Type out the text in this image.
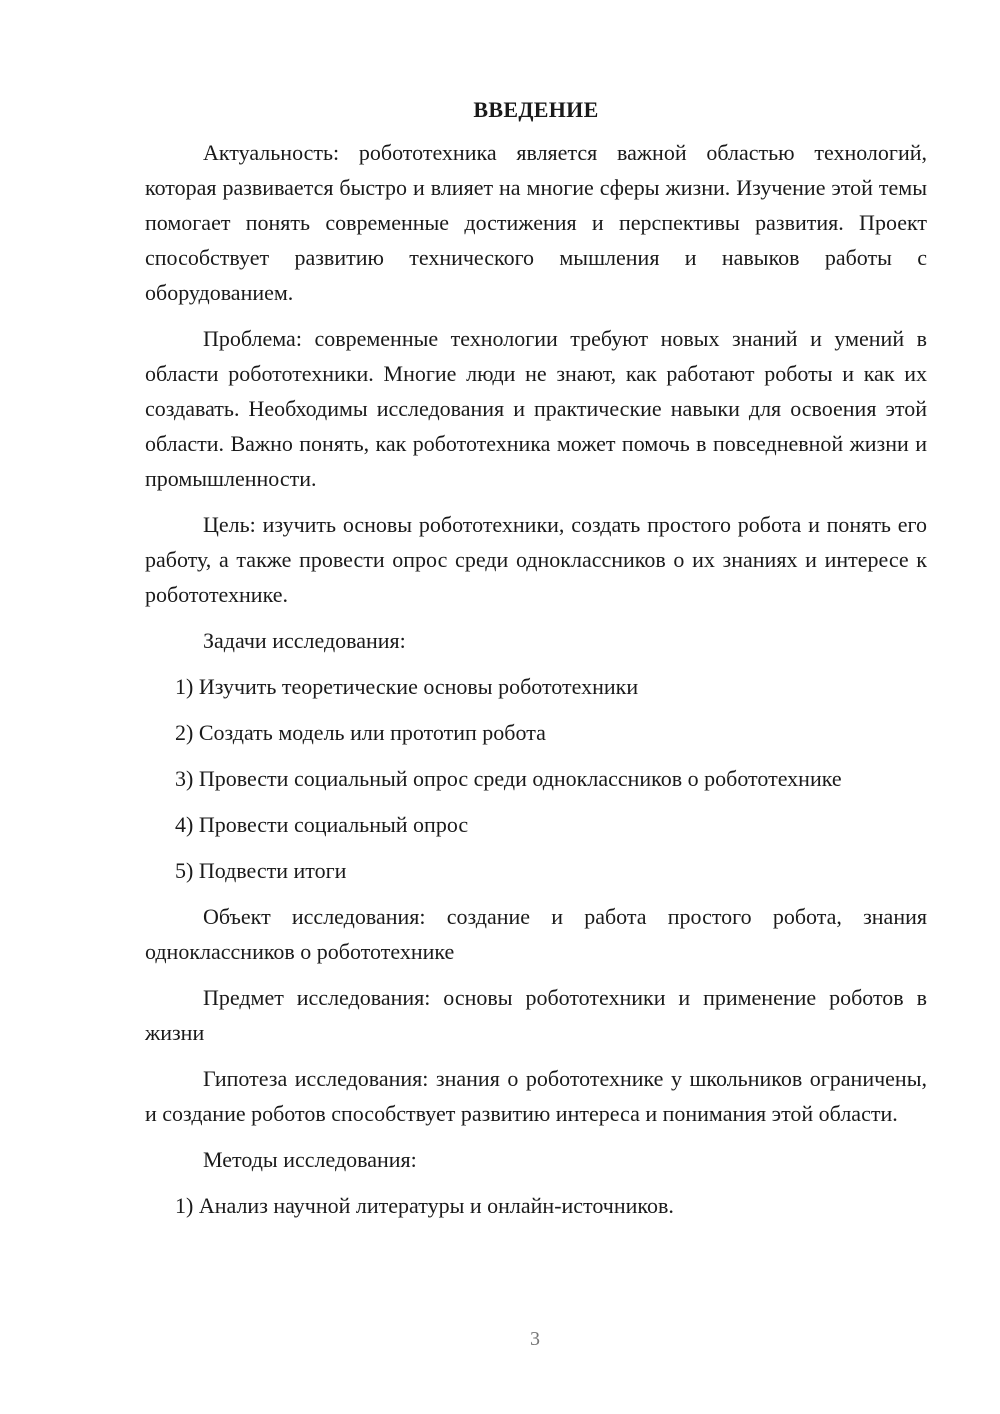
ВВЕДЕНИЕ

Актуальность: робототехника является важной областью технологий, которая развивается быстро и влияет на многие сферы жизни. Изучение этой темы помогает понять современные достижения и перспективы развития. Проект способствует развитию технического мышления и навыков работы с оборудованием.

Проблема: современные технологии требуют новых знаний и умений в области робототехники. Многие люди не знают, как работают роботы и как их создавать. Необходимы исследования и практические навыки для освоения этой области. Важно понять, как робототехника может помочь в повседневной жизни и промышленности.

Цель: изучить основы робототехники, создать простого робота и понять его работу, а также провести опрос среди одноклассников о их знаниях и интересе к робототехнике.

Задачи исследования:

1) Изучить теоретические основы робототехники

2) Создать модель или прототип робота

3) Провести социальный опрос среди одноклассников о робототехнике

4) Провести социальный опрос

5) Подвести итоги

Объект исследования: создание и работа простого робота, знания одноклассников о робототехнике

Предмет исследования: основы робототехники и применение роботов в жизни

Гипотеза исследования: знания о робототехнике у школьников ограничены, и создание роботов способствует развитию интереса и понимания этой области.

Методы исследования:

1) Анализ научной литературы и онлайн-источников.

3
